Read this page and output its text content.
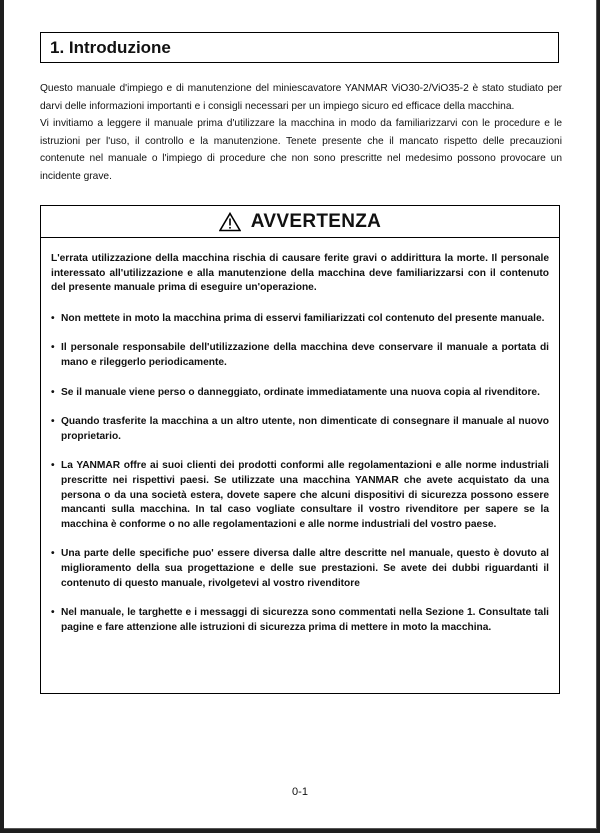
1. Introduzione

Questo manuale d'impiego e di manutenzione del miniescavatore YANMAR ViO30-2/ViO35-2 è stato studiato per darvi delle informazioni importanti e i consigli necessari per un impiego sicuro ed efficace della macchina.

Vi invitiamo a leggere il manuale prima d'utilizzare la macchina in modo da familiarizzarvi con le procedure e le istruzioni per l'uso, il controllo e la manutenzione. Tenete presente che il mancato rispetto delle precauzioni contenute nel manuale o l'impiego di procedure che non sono prescritte nel medesimo possono provocare un incidente grave.

AVVERTENZA

L'errata utilizzazione della macchina rischia di causare ferite gravi o addirittura la morte. Il personale interessato all'utilizzazione e alla manutenzione della macchina deve familiarizzarsi con il contenuto del presente manuale prima di eseguire un'operazione.

• Non mettete in moto la macchina prima di esservi familiarizzati col contenuto del presente manuale.
• Il personale responsabile dell'utilizzazione della macchina deve conservare il manuale a portata di mano e rileggerlo periodicamente.
• Se il manuale viene perso o danneggiato, ordinate immediatamente una nuova copia al rivenditore.
• Quando trasferite la macchina a un altro utente, non dimenticate di consegnare il manuale al nuovo proprietario.
• La YANMAR offre ai suoi clienti dei prodotti conformi alle regolamentazioni e alle norme industriali prescritte nei rispettivi paesi. Se utilizzate una macchina YANMAR che avete acquistato da una persona o da una società estera, dovete sapere che alcuni dispositivi di sicurezza possono essere mancanti sulla macchina. In tal caso vogliate consultare il vostro rivenditore per sapere se la macchina è conforme o no alle regolamentazioni e alle norme industriali del vostro paese.
• Una parte delle specifiche puo' essere diversa dalle altre descritte nel manuale, questo è dovuto al miglioramento della sua progettazione e delle sue prestazioni. Se avete dei dubbi riguardanti il contenuto di questo manuale, rivolgetevi al vostro rivenditore
• Nel manuale, le targhette e i messaggi di sicurezza sono commentati nella Sezione 1. Consultate tali pagine e fare attenzione alle istruzioni di sicurezza prima di mettere in moto la macchina.
0-1
